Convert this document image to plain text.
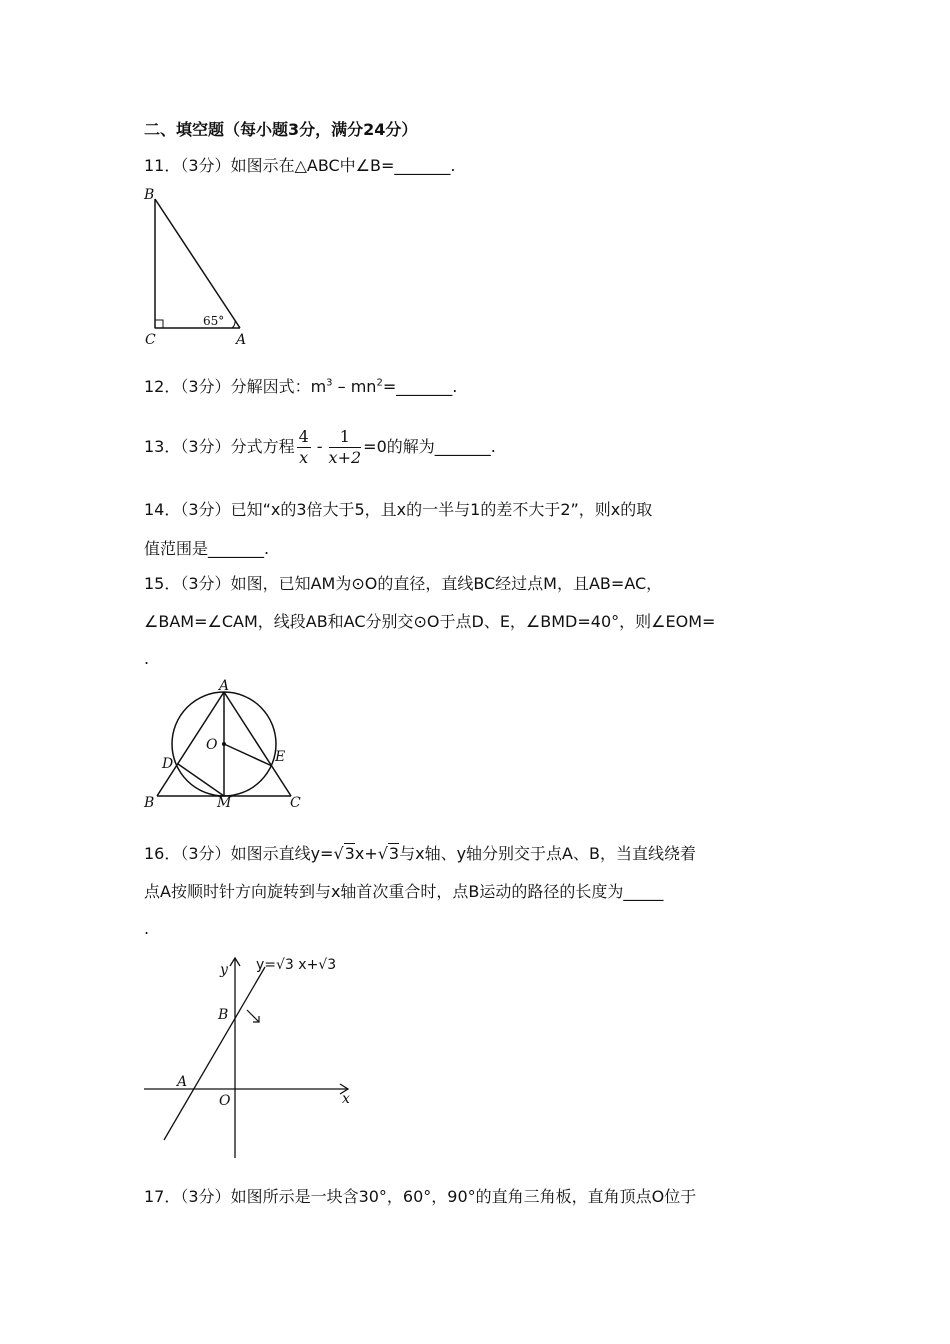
二、填空题（每小题3分，满分24分）
11．（3分）如图示在△ABC中∠B=_______.
B
C	A
65°
12．（3分）分解因式：$m^3$ – $mn^2=\_\_\_\_\_\_\_$.
13．（3分）分式方程 $\frac{4}{x} - \frac{1}{x+2} =0$的解为_______.
14．（3分）已知“x的3倍大于5，且x的一半与1的差不大于2”，则x的取
值范围是_______.
15．（3分）如图，已知AM为⊙O的直径，直线BC经过点M，且AB=AC，
∠BAM=∠CAM，线段AB和AC分别交⊙O于点D、E，∠BMD=40°，则∠EOM=
.
A
O
D	E
B	M	C
16．（3分）如图示直线y=√3x+√3与x轴、y轴分别交于点A、B，当直线绕着
点A按顺时针方向旋转到与x轴首次重合时，点B运动的路径的长度为_____
.
y=√3 x+√3
y
x
B
A
O
17．（3分）如图所示是一块含30°，60°，90°的直角三角板，直角顶点O位于
